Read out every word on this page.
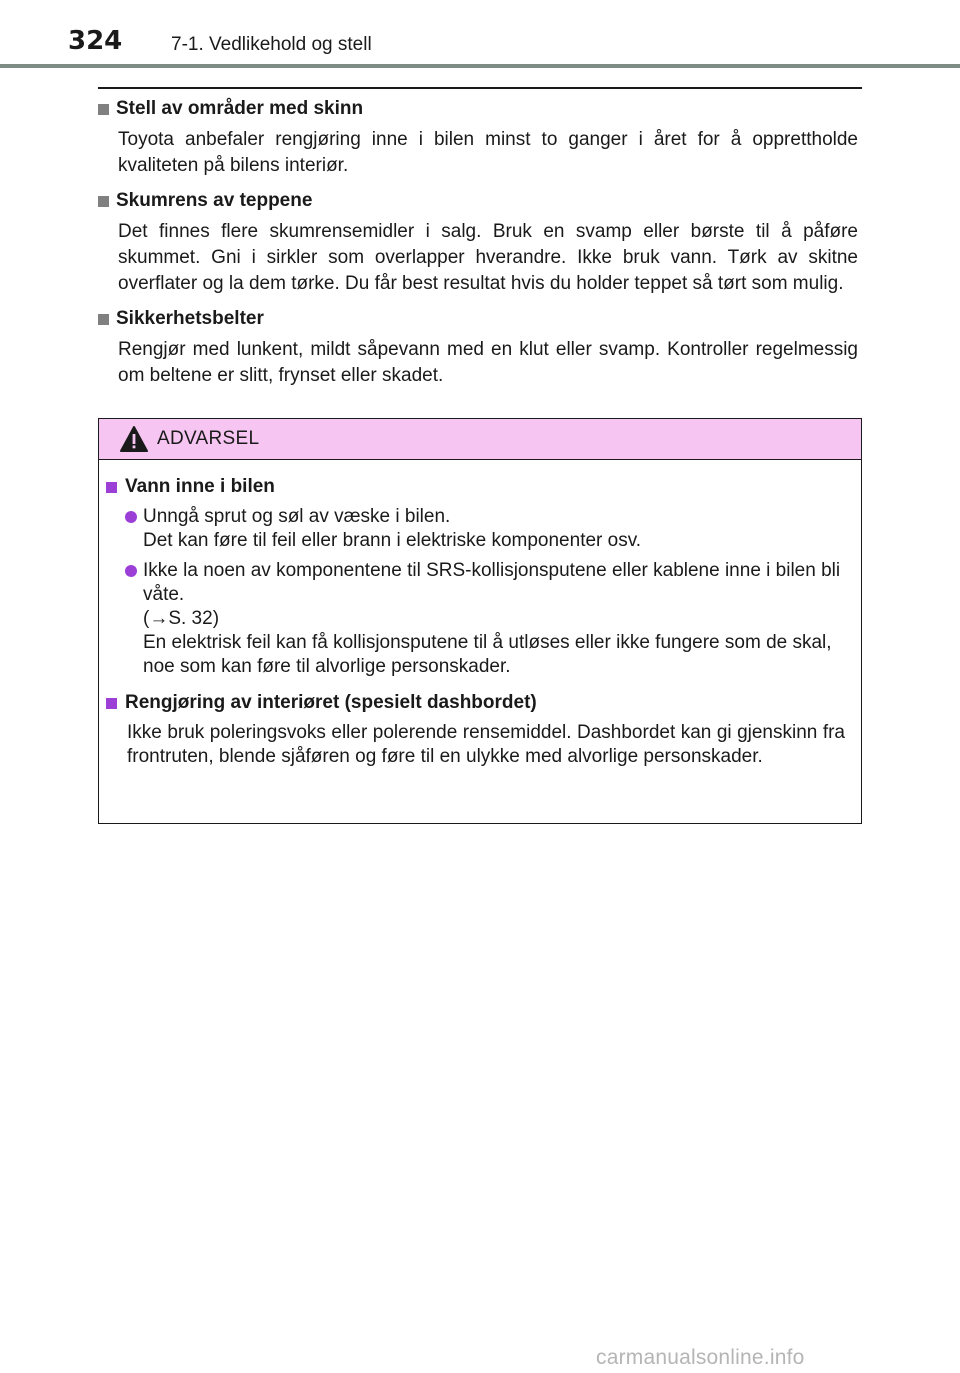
324	7-1. Vedlikehold og stell
Stell av områder med skinn
Toyota anbefaler rengjøring inne i bilen minst to ganger i året for å opprettholde kvaliteten på bilens interiør.
Skumrens av teppene
Det finnes flere skumrensemidler i salg. Bruk en svamp eller børste til å påføre skummet. Gni i sirkler som overlapper hverandre. Ikke bruk vann. Tørk av skitne overflater og la dem tørke. Du får best resultat hvis du holder teppet så tørt som mulig.
Sikkerhetsbelter
Rengjør med lunkent, mildt såpevann med en klut eller svamp. Kontroller regelmessig om beltene er slitt, frynset eller skadet.
ADVARSEL
Vann inne i bilen
Unngå sprut og søl av væske i bilen.
Det kan føre til feil eller brann i elektriske komponenter osv.
Ikke la noen av komponentene til SRS-kollisjonsputene eller kablene inne i bilen bli våte.
(→S. 32)
En elektrisk feil kan få kollisjonsputene til å utløses eller ikke fungere som de skal, noe som kan føre til alvorlige personskader.
Rengjøring av interiøret (spesielt dashbordet)
Ikke bruk poleringsvoks eller polerende rensemiddel. Dashbordet kan gi gjenskinn fra frontruten, blende sjåføren og føre til en ulykke med alvorlige personskader.
carmanualsonline.info
